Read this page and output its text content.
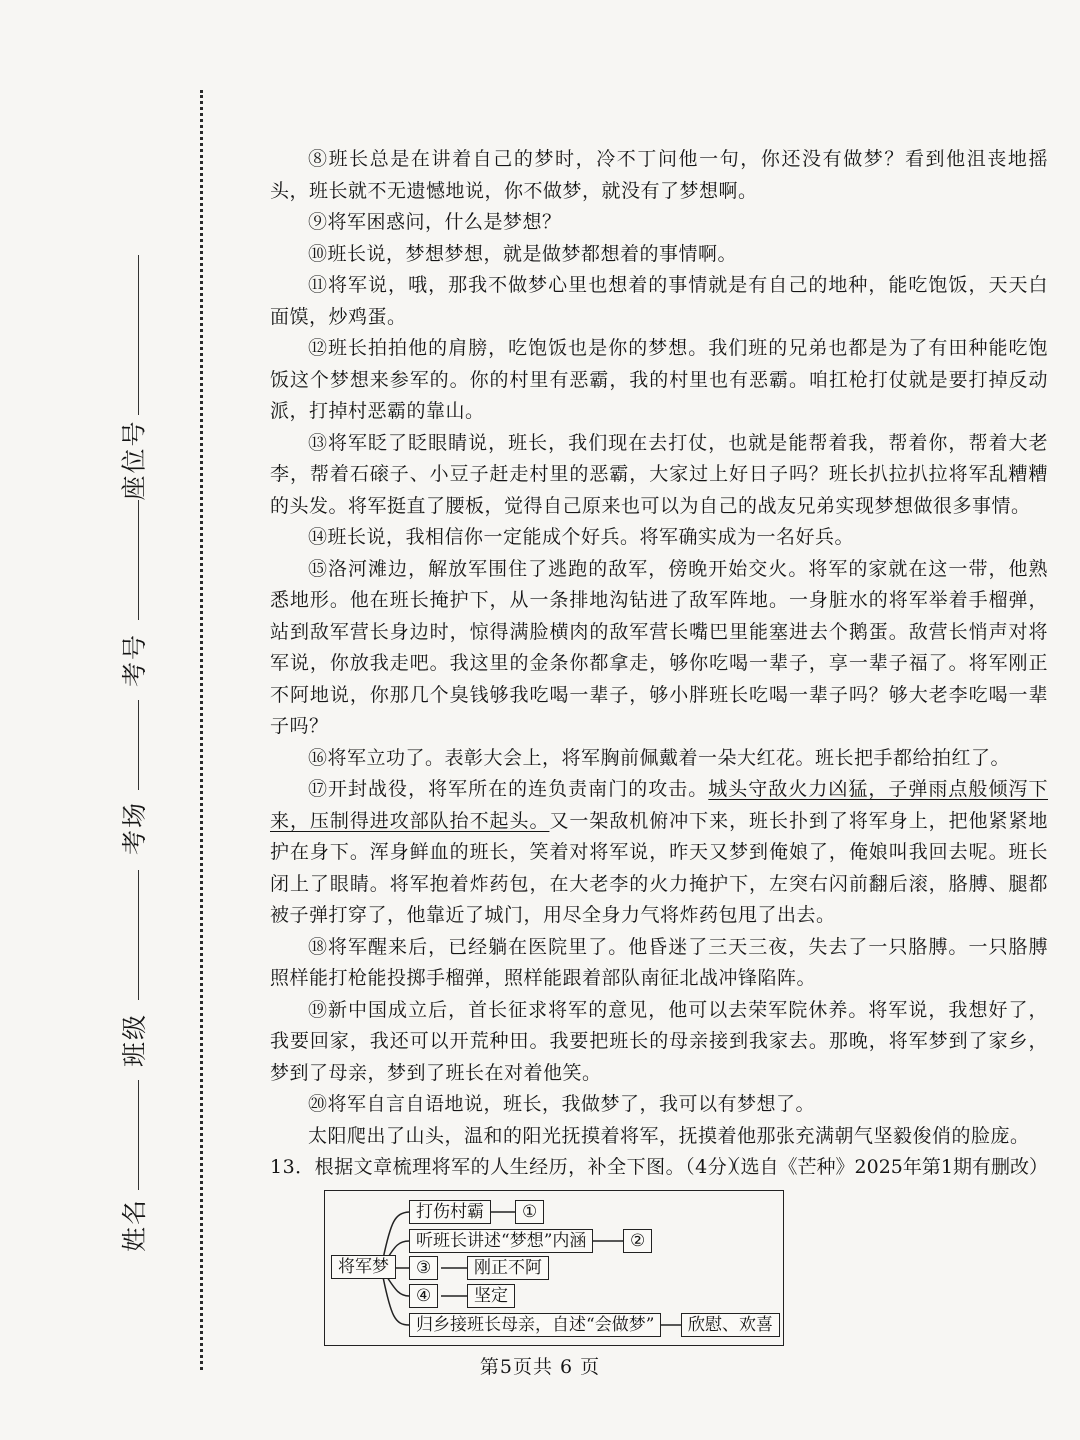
座位号
考号
考场
班级
姓名

⑧班长总是在讲着自己的梦时，冷不丁问他一句，你还没有做梦？看到他沮丧地摇头，班长就不无遗憾地说，你不做梦，就没有了梦想啊。

⑨将军困惑问，什么是梦想？

⑩班长说，梦想梦想，就是做梦都想着的事情啊。

⑪将军说，哦，那我不做梦心里也想着的事情就是有自己的地种，能吃饱饭，天天白面馍，炒鸡蛋。

⑫班长拍拍他的肩膀，吃饱饭也是你的梦想。我们班的兄弟也都是为了有田种能吃饱饭这个梦想来参军的。你的村里有恶霸，我的村里也有恶霸。咱扛枪打仗就是要打掉反动派，打掉村恶霸的靠山。

⑬将军眨了眨眼睛说，班长，我们现在去打仗，也就是能帮着我，帮着你，帮着大老李，帮着石磙子、小豆子赶走村里的恶霸，大家过上好日子吗？班长扒拉扒拉将军乱糟糟的头发。将军挺直了腰板，觉得自己原来也可以为自己的战友兄弟实现梦想做很多事情。

⑭班长说，我相信你一定能成个好兵。将军确实成为一名好兵。

⑮洛河滩边，解放军围住了逃跑的敌军，傍晚开始交火。将军的家就在这一带，他熟悉地形。他在班长掩护下，从一条排地沟钻进了敌军阵地。一身脏水的将军举着手榴弹，站到敌军营长身边时，惊得满脸横肉的敌军营长嘴巴里能塞进去个鹅蛋。敌营长悄声对将军说，你放我走吧。我这里的金条你都拿走，够你吃喝一辈子，享一辈子福了。将军刚正不阿地说，你那几个臭钱够我吃喝一辈子，够小胖班长吃喝一辈子吗？够大老李吃喝一辈子吗？

⑯将军立功了。表彰大会上，将军胸前佩戴着一朵大红花。班长把手都给拍红了。

⑰开封战役，将军所在的连负责南门的攻击。城头守敌火力凶猛，子弹雨点般倾泻下来，压制得进攻部队抬不起头。又一架敌机俯冲下来，班长扑到了将军身上，把他紧紧地护在身下。浑身鲜血的班长，笑着对将军说，昨天又梦到俺娘了，俺娘叫我回去呢。班长闭上了眼睛。将军抱着炸药包，在大老李的火力掩护下，左突右闪前翻后滚，胳膊、腿都被子弹打穿了，他靠近了城门，用尽全身力气将炸药包甩了出去。

⑱将军醒来后，已经躺在医院里了。他昏迷了三天三夜，失去了一只胳膊。一只胳膊照样能打枪能投掷手榴弹，照样能跟着部队南征北战冲锋陷阵。

⑲新中国成立后，首长征求将军的意见，他可以去荣军院休养。将军说，我想好了，我要回家，我还可以开荒种田。我要把班长的母亲接到我家去。那晚，将军梦到了家乡，梦到了母亲，梦到了班长在对着他笑。

⑳将军自言自语地说，班长，我做梦了，我可以有梦想了。

太阳爬出了山头，温和的阳光抚摸着将军，抚摸着他那张充满朝气坚毅俊俏的脸庞。

（选自《芒种》2025年第1期有删改）

13．根据文章梳理将军的人生经历，补全下图。（4分）
将军梦
打伤村霸	①
听班长讲述“梦想”内涵	②
③	刚正不阿
④	坚定
归乡接班长母亲，自述“会做梦”	欣慰、欢喜
第5页共 6 页
